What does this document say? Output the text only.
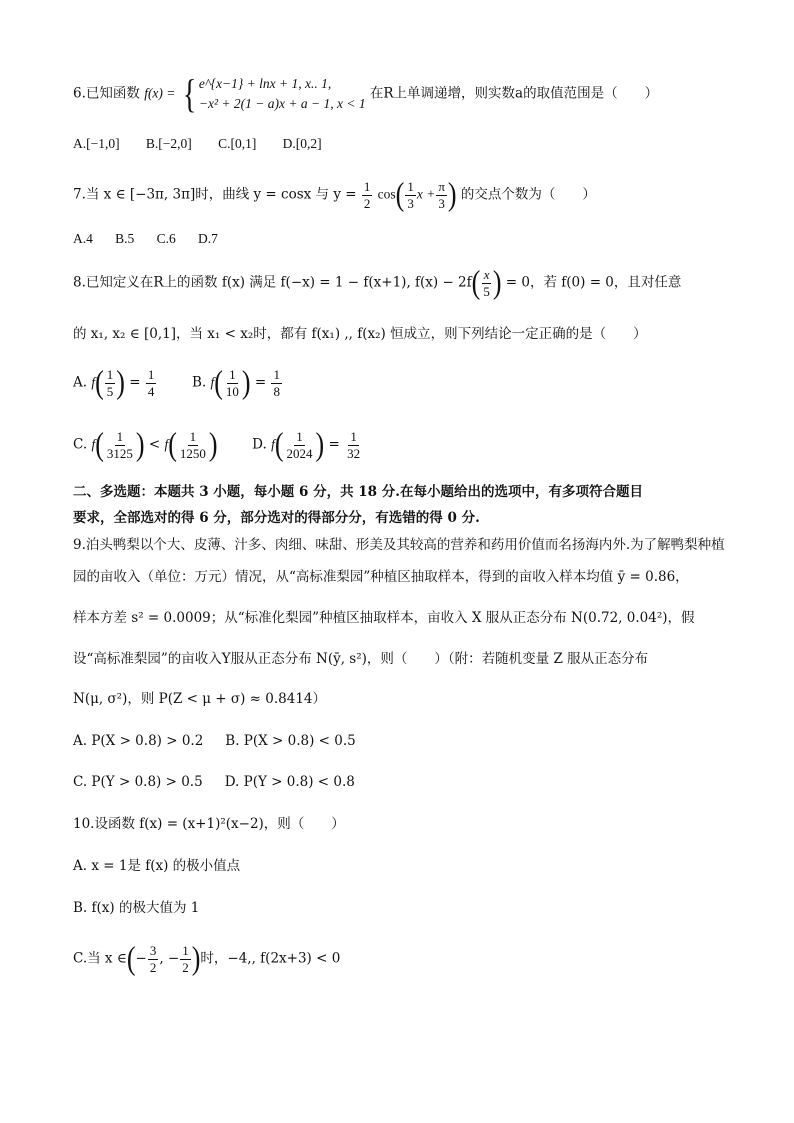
6.已知函数 f(x) = { e^{x−1} + lnx + 1, x.. 1,
−x² + 2(1 − a)x + a − 1, x < 1
在R上单调递增，则实数a的取值范围是（　　）
A.[−1,0] B.[−2,0] C.[0,1] D.[0,2]
7.当 x ∈ [−3π, 3π]时，曲线 y = cosx 与 $y = \frac{1}{2} \cos( \frac{1}{3}$ $x + \frac{\pi}{3}$ ) 的交点个数为（　　）
A.4 B.5 C.6 D.7
8.已知定义在R上的函数 f(x) 满足 f(−x) = 1 − f(x+1), $f(x) - 2f( \frac{x}{5}$ ) = 0，若 f(0) = 0，且对任意
的 x₁, x₂ ∈ [0,1]，当 x₁ < x₂时，都有 f(x₁) ,, f(x₂) 恒成立，则下列结论一定正确的是（　　）
A. $f( \frac{1}{5}$ ) = $\frac{1}{4}$	B. $f( \frac{1}{10}$ ) = $\frac{1}{8}$
C. $f( \frac{1}{3125}$ ) < $f( \frac{1}{1250}$ )	D. $f( \frac{1}{2024}$ ) = $\frac{1}{32}$
二、多选题：本题共 3 小题，每小题 6 分，共 18 分.在每小题给出的选项中，有多项符合题目
要求，全部选对的得 6 分，部分选对的得部分分，有选错的得 0 分.
9.泊头鸭梨以个大、皮薄、汁多、肉细、味甜、形美及其较高的营养和药用价值而名扬海内外.为了解鸭梨种植
园的亩收入（单位：万元）情况，从“高标准梨园”种植区抽取样本，得到的亩收入样本均值 ȳ = 0.86，
样本方差 s² = 0.0009；从“标准化梨园”种植区抽取样本，亩收入 X 服从正态分布 N(0.72, 0.04²)，假
设“高标准梨园”的亩收入Y服从正态分布 N(ȳ, s²)，则（　　）（附：若随机变量 Z 服从正态分布
N(μ, σ²)，则 P(Z < μ + σ) ≈ 0.8414）
A. P(X > 0.8) > 0.2 B. P(X > 0.8) < 0.5
C. P(Y > 0.8) > 0.5 D. P(Y > 0.8) < 0.8
10.设函数 f(x) = (x+1)²(x−2)，则（　　）
A. x = 1是 f(x) 的极小值点
B. f(x) 的极大值为 1
C.当 x ∈(− $\frac{3}{2}$ , − $\frac{1}{2}$ )时，−4,, f(2x+3) < 0
